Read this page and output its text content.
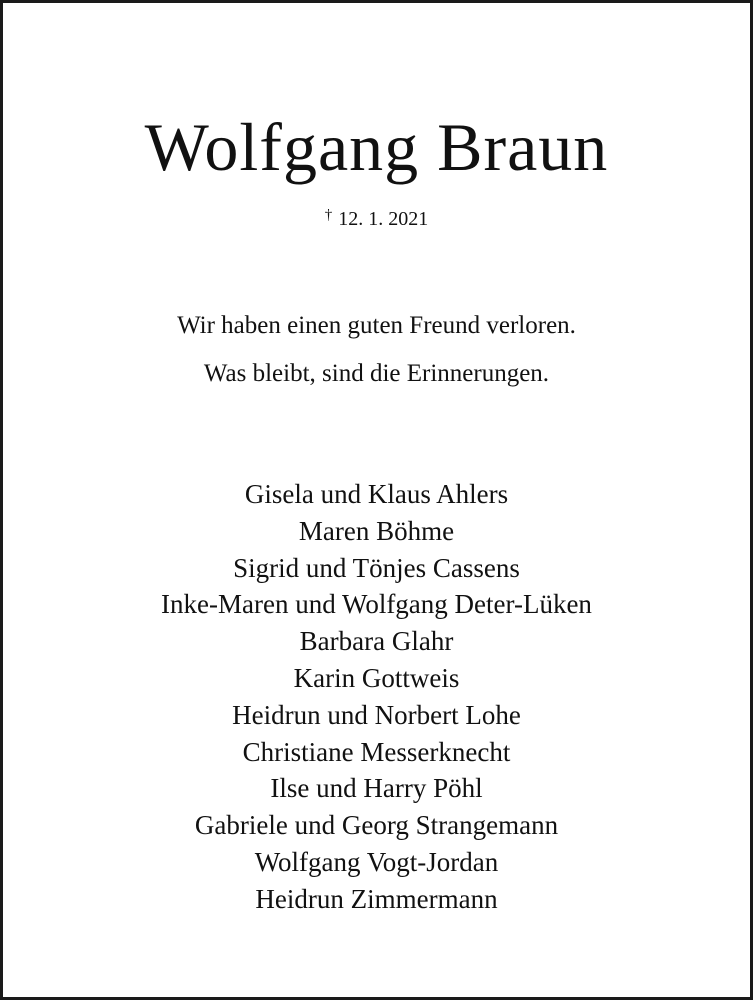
Wolfgang Braun
† 12. 1. 2021
Wir haben einen guten Freund verloren.
Was bleibt, sind die Erinnerungen.
Gisela und Klaus Ahlers
Maren Böhme
Sigrid und Tönjes Cassens
Inke-Maren und Wolfgang Deter-Lüken
Barbara Glahr
Karin Gottweis
Heidrun und Norbert Lohe
Christiane Messerknecht
Ilse und Harry Pöhl
Gabriele und Georg Strangemann
Wolfgang Vogt-Jordan
Heidrun Zimmermann
